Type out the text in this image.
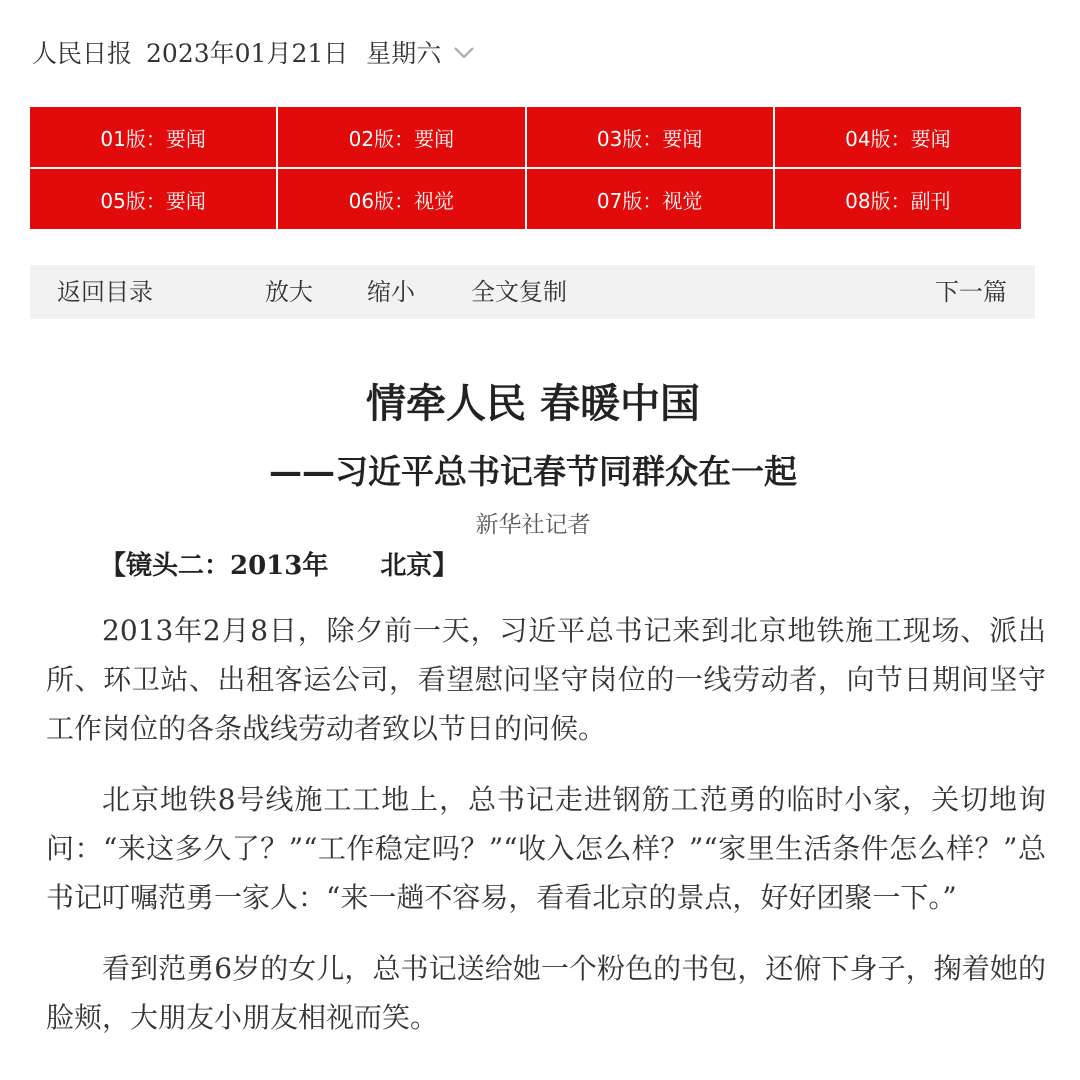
人民日报 2023年01月21日 星期六
01版：要闻	02版：要闻	03版：要闻	04版：要闻
05版：要闻	06版：视觉	07版：视觉	08版：副刊
返回目录	放大 缩小 全文复制	下一篇
情牵人民 春暖中国
——习近平总书记春节同群众在一起
新华社记者
【镜头二：2013年　　北京】

2013年2月8日，除夕前一天，习近平总书记来到北京地铁施工现场、派出所、环卫站、出租客运公司，看望慰问坚守岗位的一线劳动者，向节日期间坚守工作岗位的各条战线劳动者致以节日的问候。

北京地铁8号线施工工地上，总书记走进钢筋工范勇的临时小家，关切地询问：“来这多久了？”“工作稳定吗？”“收入怎么样？”“家里生活条件怎么样？”总书记叮嘱范勇一家人：“来一趟不容易，看看北京的景点，好好团聚一下。”

看到范勇6岁的女儿，总书记送给她一个粉色的书包，还俯下身子，掬着她的脸颊，大朋友小朋友相视而笑。
